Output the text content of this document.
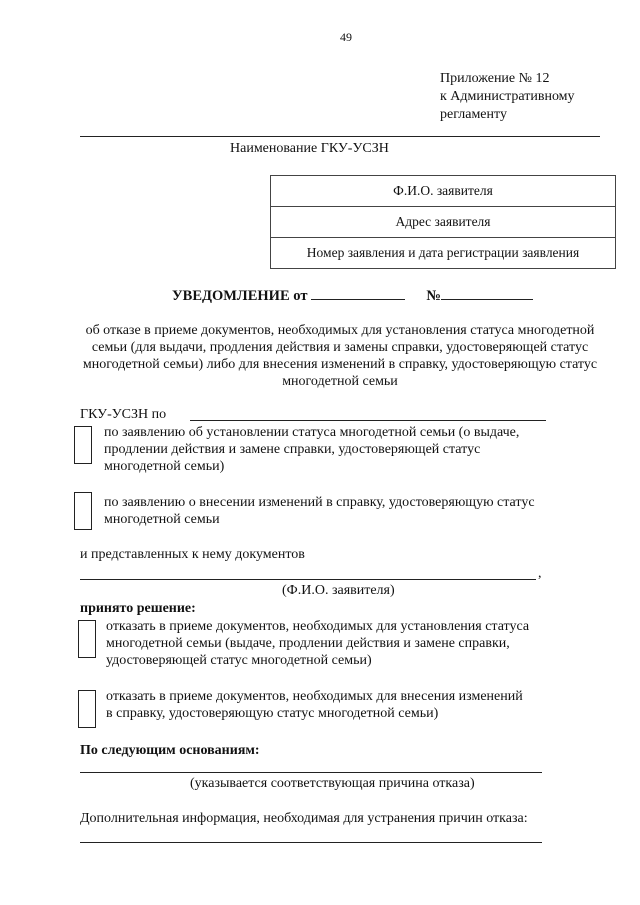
49
Приложение № 12
к Административному
регламенту
Наименование ГКУ-УСЗН
Ф.И.О. заявителя
Адрес заявителя
Номер заявления и дата регистрации заявления
УВЕДОМЛЕНИЕ от	№
об отказе в приеме документов, необходимых для установления статуса многодетной семьи (для выдачи, продления действия и замены справки, удостоверяющей статус многодетной семьи) либо для внесения изменений в справку, удостоверяющую статус многодетной семьи
ГКУ-УСЗН по
по заявлению об установлении статуса многодетной семьи (о выдаче,
продлении действия и замене справки, удостоверяющей статус
многодетной семьи)
по заявлению о внесении изменений в справку, удостоверяющую статус
многодетной семьи
и представленных к нему документов
,
(Ф.И.О. заявителя)
принято решение:
отказать в приеме документов, необходимых для установления статуса
многодетной семьи (выдаче, продлении действия и замене справки,
удостоверяющей статус многодетной семьи)
отказать в приеме документов, необходимых для внесения изменений
в справку, удостоверяющую статус многодетной семьи)
По следующим основаниям:
(указывается соответствующая причина отказа)
Дополнительная информация, необходимая для устранения причин отказа:
